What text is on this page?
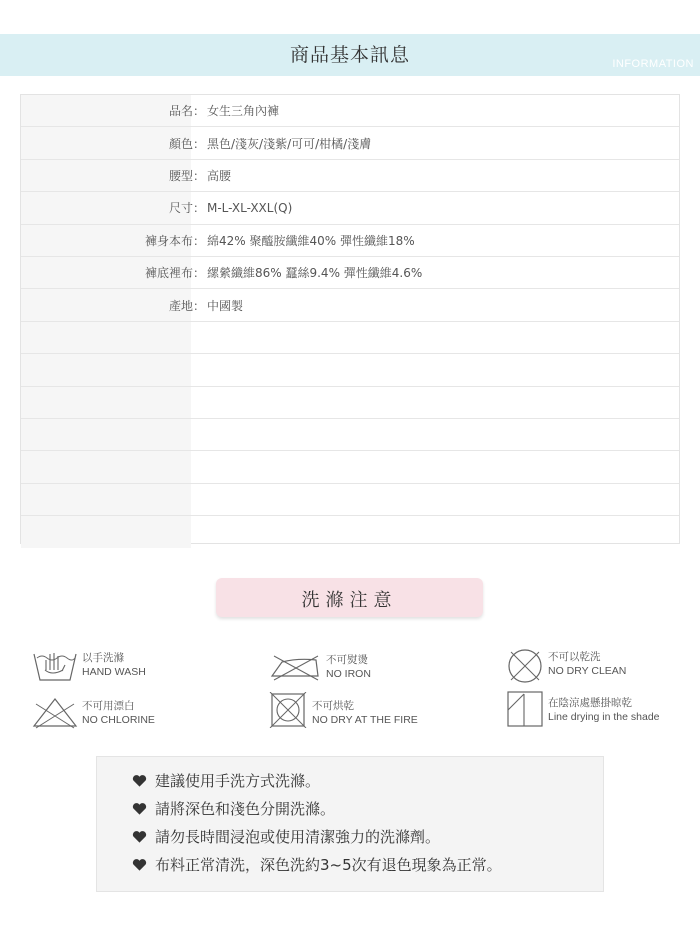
商品基本訊息	INFORMATION
品名： 女生三角內褲
顏色： 黑色/淺灰/淺紫/可可/柑橘/淺膚
腰型： 高腰
尺寸： M-L-XL-XXL(Q)
褲身本布： 綿42% 聚醯胺纖維40% 彈性纖維18%
褲底裡布： 縲縈纖維86% 蠶絲9.4% 彈性纖維4.6%
產地： 中國製
洗滌注意
以手洗滌
HAND WASH
不可熨燙
NO IRON
不可以乾洗
NO DRY CLEAN
不可用漂白
NO CHLORINE
不可烘乾
NO DRY AT THE FIRE
在陰涼處懸掛晾乾
Line drying in the shade
建議使用手洗方式洗滌。
請將深色和淺色分開洗滌。
請勿長時間浸泡或使用清潔強力的洗滌劑。
布料正常清洗，深色洗約3~5次有退色現象為正常。
